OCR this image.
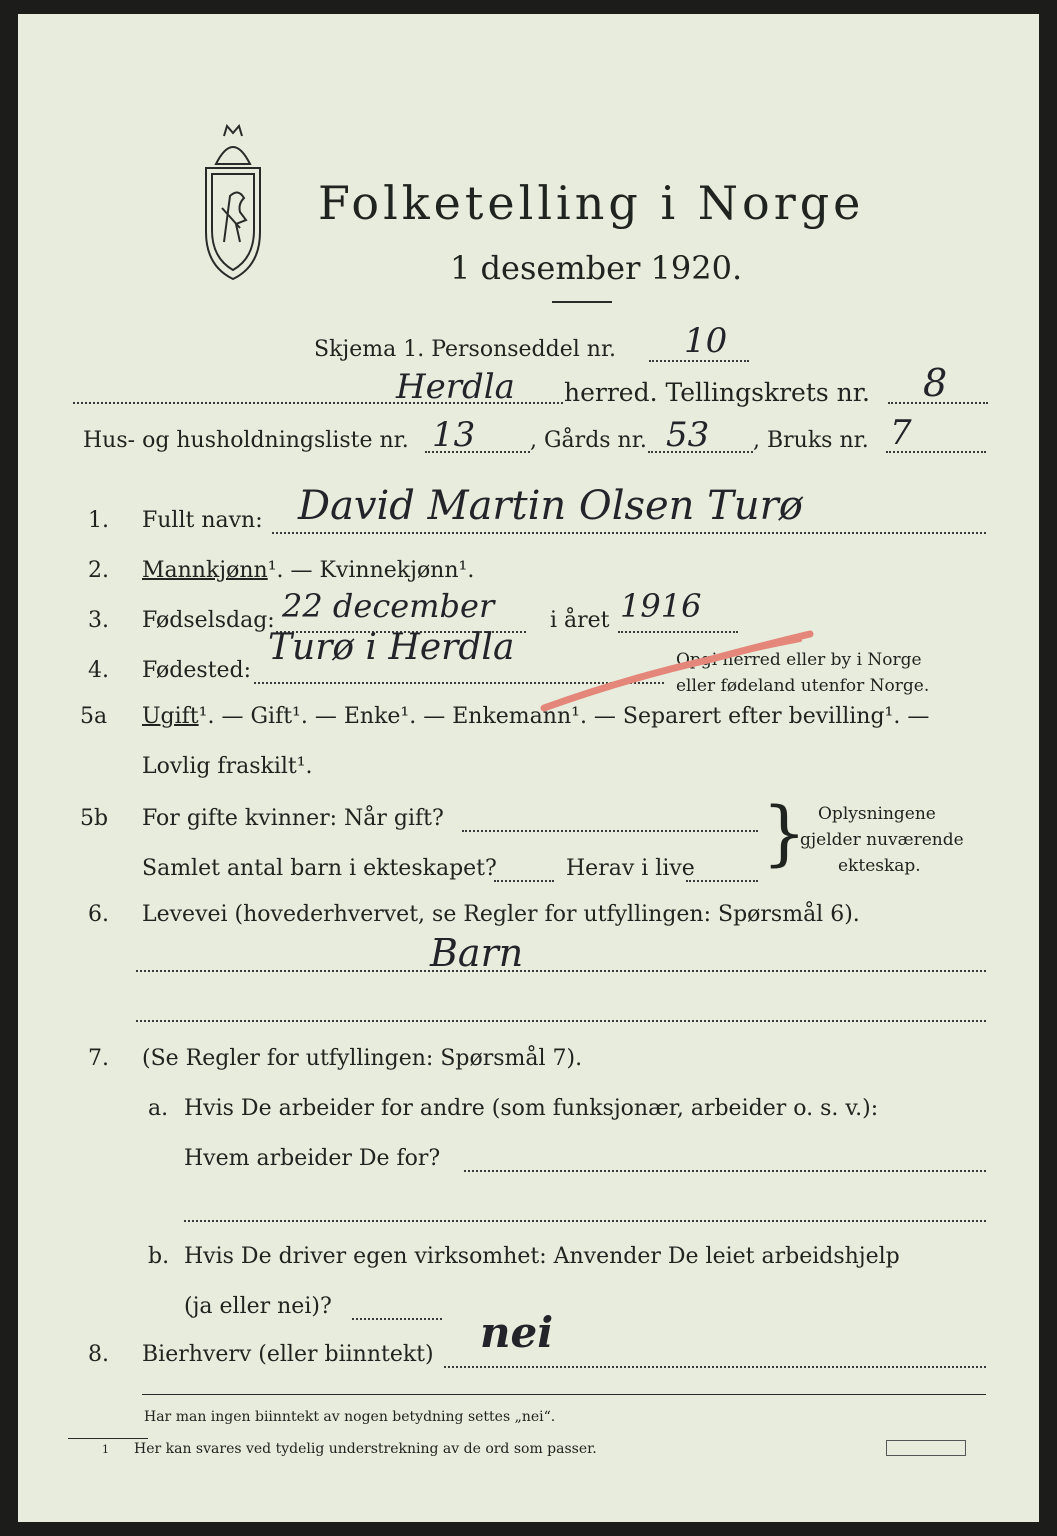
Folketelling i Norge
1 desember 1920.
Skjema 1. Personseddel nr. 10
Herdla herred. Tellingskrets nr. 8
Hus- og husholdningsliste nr. 13 , Gårds nr. 53 , Bruks nr. 7
1. Fullt navn: David Martin Olsen Turø
2. Mannkjønn¹. — Kvinnekjønn¹.
3. Fødselsdag: 22 december	i året 1916
4. Fødested:
Turø i Herdla	Opgi herred eller by i Norge
eller fødeland utenfor Norge.
5a Ugift¹. — Gift¹. — Enke¹. — Enkemann¹. — Separert efter bevilling¹. —
Lovlig fraskilt¹.
5b For gifte kvinner: Når gift?
Samlet antal barn i ekteskapet?	Herav i live } Oplysningene
gjelder nuværende
ekteskap.
6. Levevei (hovederhvervet, se Regler for utfyllingen: Spørsmål 6).
Barn
7. (Se Regler for utfyllingen: Spørsmål 7).
a. Hvis De arbeider for andre (som funksjonær, arbeider o. s. v.):
Hvem arbeider De for?
b. Hvis De driver egen virksomhet: Anvender De leiet arbeidshjelp
(ja eller nei)?
8. Bierhverv (eller biinntekt) nei
Har man ingen biinntekt av nogen betydning settes „nei“.
1 Her kan svares ved tydelig understrekning av de ord som passer.
